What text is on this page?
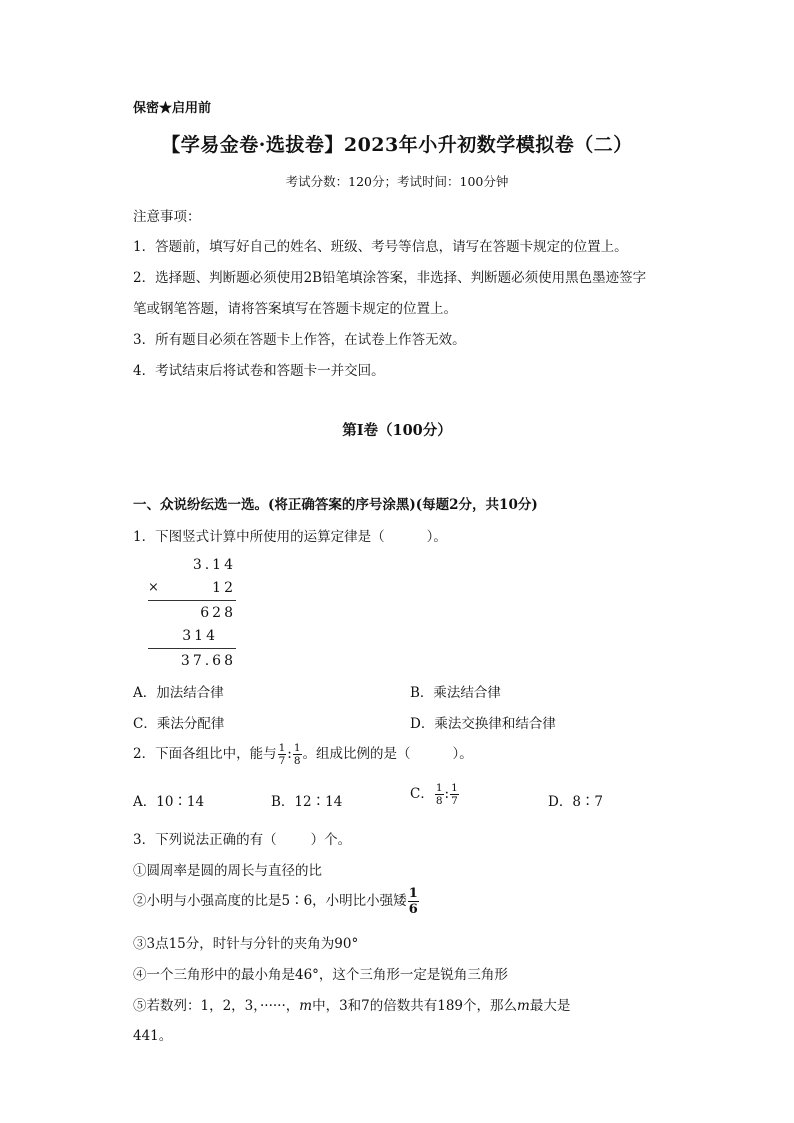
保密★启用前
【学易金卷·选拔卷】2023年小升初数学模拟卷（二）
考试分数：120分；考试时间：100分钟
注意事项：
1．答题前，填写好自己的姓名、班级、考号等信息，请写在答题卡规定的位置上。
2．选择题、判断题必须使用2B铅笔填涂答案，非选择、判断题必须使用黑色墨迹签字
笔或钢笔答题，请将答案填写在答题卡规定的位置上。
3．所有题目必须在答题卡上作答，在试卷上作答无效。
4．考试结束后将试卷和答题卡一并交回。
第I卷（100分）
一、众说纷纭选一选。(将正确答案的序号涂黑)(每题2分，共10分)
1．下图竖式计算中所使用的运算定律是（	）。
3.14
×	12
628
314
37.68
A．加法结合律	B．乘法结合律
C．乘法分配律	D．乘法交换律和结合律
2．下面各组比中，能与 $\frac{1}{7}$ : $\frac{1}{8}$ 。组成比例的是（	）。
A．10∶14	B．12∶14	C． $\frac{1}{8}$ : $\frac{1}{7}$	D．8∶7
3．下列说法正确的有（	）个。
①圆周率是圆的周长与直径的比
②小明与小强高度的比是5∶6，小明比小强矮 $\frac{1}{6}$
③3点15分，时针与分针的夹角为90°
④一个三角形中的最小角是46°，这个三角形一定是锐角三角形
⑤若数列：1，2，3，······，m中，3和7的倍数共有189个，那么m最大是
441。
